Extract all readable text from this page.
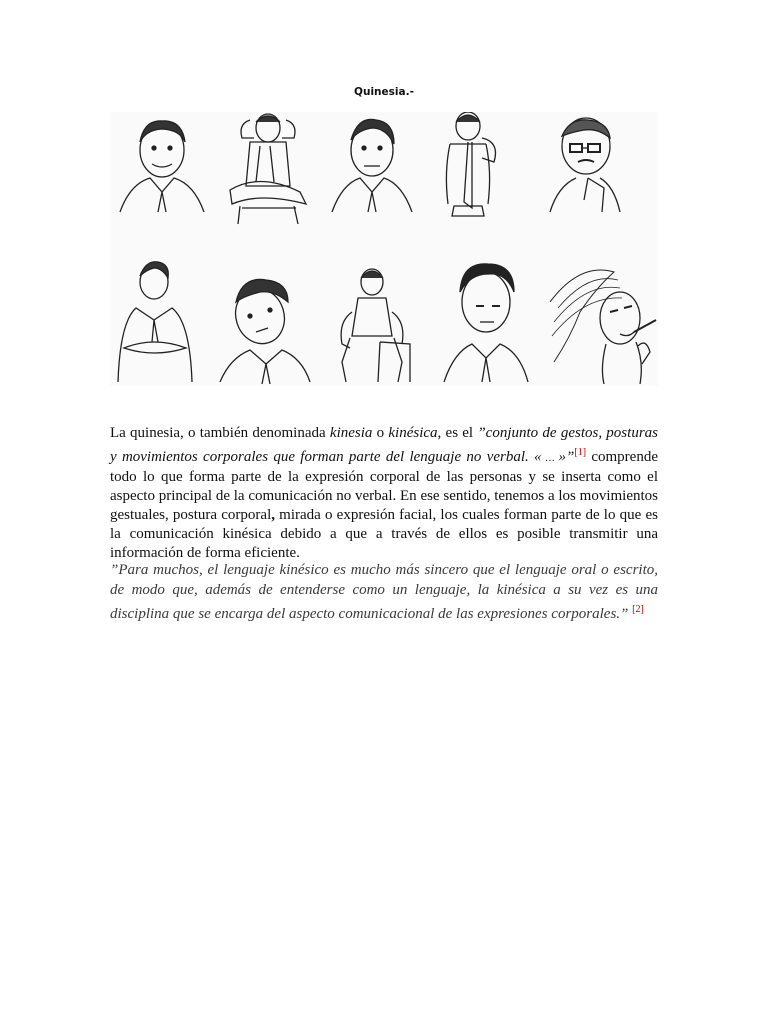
Quinesia.-

La quinesia, o también denominada kinesia o kinésica, es el ”conjunto de gestos, posturas y movimientos corporales que forman parte del lenguaje no verbal. « … »”[1] comprende todo lo que forma parte de la expresión corporal de las personas y se inserta como el aspecto principal de la comunicación no verbal. En ese sentido, tenemos a los movimientos gestuales, postura corporal, mirada o expresión facial, los cuales forman parte de lo que es la comunicación kinésica debido a que a través de ellos es posible transmitir una información de forma eficiente.

”Para muchos, el lenguaje kinésico es mucho más sincero que el lenguaje oral o escrito, de modo que, además de entenderse como un lenguaje, la kinésica a su vez es una disciplina que se encarga del aspecto comunicacional de las expresiones corporales.” [2]
